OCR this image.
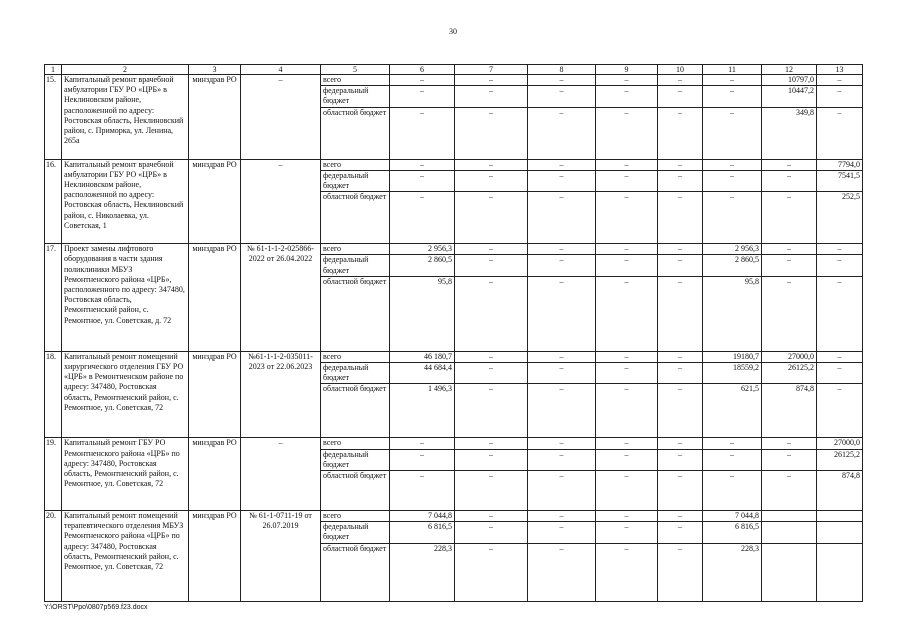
30
1	2	3	4	5	6	7	8	9	10	11	12	13
15.	Капитальный ремонт врачебной амбулатории ГБУ РО «ЦРБ» в Неклиновском районе, расположенной по адресу: Ростовская область, Неклиновский район, с. Приморка, ул. Ленина, 265а	минздрав РО	–	всего	–	–	–	–	–	–	10797,0	–
				федеральный бюджет	–	–	–	–	–	–	10447,2	–
				областной бюджет	–	–	–	–	–	–	349,8	–
16.	Капитальный ремонт врачебной амбулатории ГБУ РО «ЦРБ» в Неклиновском районе, расположенной по адресу: Ростовская область, Неклиновский район, с. Николаевка, ул. Советская, 1	минздрав РО	–	всего	–	–	–	–	–	–	–	7794,0
				федеральный бюджет	–	–	–	–	–	–	–	7541,5
				областной бюджет	–	–	–	–	–	–	–	252,5
17.	Проект замены лифтового оборудования в части здания поликлиники МБУЗ Ремонтненского района «ЦРБ», расположенного по адресу: 347480, Ростовская область, Ремонтненский район, с. Ремонтное, ул. Советская, д. 72	минздрав РО	№ 61-1-1-2-025866-2022 от 26.04.2022	всего	2 956,3	–	–	–	–	2 956,3	–	–
				федеральный бюджет	2 860,5	–	–	–	–	2 860,5	–	–
				областной бюджет	95,8	–	–	–	–	95,8	–	–
18.	Капитальный ремонт помещений хирургического отделения ГБУ РО «ЦРБ» в Ремонтненском районе по адресу: 347480, Ростовская область, Ремонтненский район, с. Ремонтное, ул. Советская, 72	минздрав РО	№61-1-1-2-035011-2023 от 22.06.2023	всего	46 180,7	–	–	–	–	19180,7	27000,0	–
				федеральный бюджет	44 684,4	–	–	–	–	18559,2	26125,2	–
				областной бюджет	1 496,3	–	–	–	–	621,5	874,8	–
19.	Капитальный ремонт ГБУ РО Ремонтненского района «ЦРБ» по адресу: 347480, Ростовская область, Ремонтненский район, с. Ремонтное, ул. Советская, 72	минздрав РО	–	всего	–	–	–	–	–	–	–	27000,0
				федеральный бюджет	–	–	–	–	–	–	–	26125,2
				областной бюджет	–	–	–	–	–	–	–	874,8
20.	Капитальный ремонт помещений терапевтического отделения МБУЗ Ремонтненского района «ЦРБ» по адресу: 347480, Ростовская область, Ремонтненский район, с. Ремонтное, ул. Советская, 72	минздрав РО	№ 61-1-0711-19 от 26.07.2019	всего	7 044,8	–	–	–	–	7 044,8		
				федеральный бюджет	6 816,5	–	–	–	–	6 816,5		
				областной бюджет	228,3	–	–	–	–	228,3		
Y:\ORST\Ppo\0807p569.f23.docx
